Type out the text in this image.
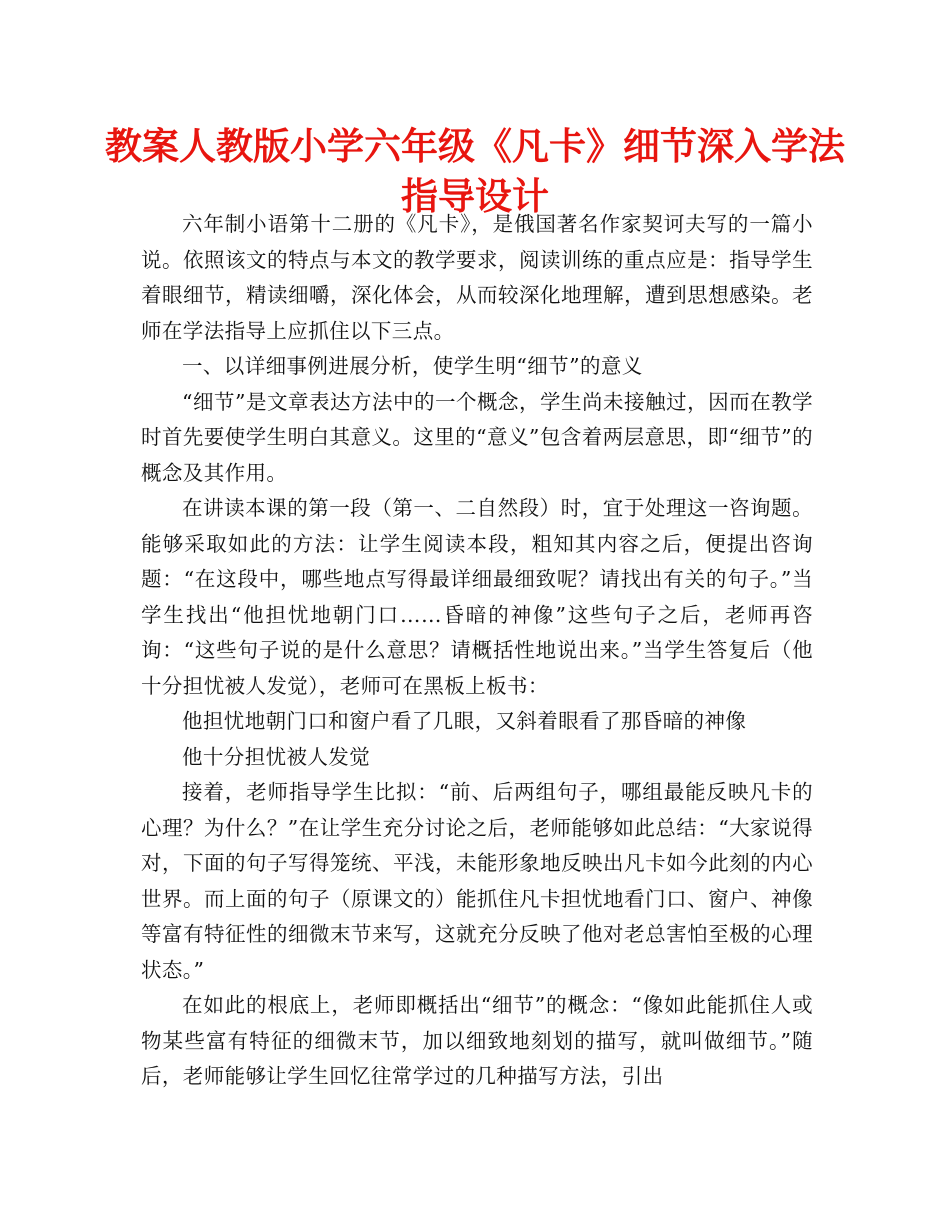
教案人教版小学六年级《凡卡》细节深入学法指导设计

六年制小语第十二册的《凡卡》，是俄国著名作家契诃夫写的一篇小说。依照该文的特点与本文的教学要求，阅读训练的重点应是：指导学生着眼细节，精读细嚼，深化体会，从而较深化地理解，遭到思想感染。老师在学法指导上应抓住以下三点。

一、以详细事例进展分析，使学生明“细节”的意义

“细节”是文章表达方法中的一个概念，学生尚未接触过，因而在教学时首先要使学生明白其意义。这里的“意义”包含着两层意思，即“细节”的概念及其作用。

在讲读本课的第一段（第一、二自然段）时，宜于处理这一咨询题。能够采取如此的方法：让学生阅读本段，粗知其内容之后，便提出咨询题：“在这段中，哪些地点写得最详细最细致呢？请找出有关的句子。”当学生找出“他担忧地朝门口……昏暗的神像”这些句子之后，老师再咨询：“这些句子说的是什么意思？请概括性地说出来。”当学生答复后（他十分担忧被人发觉），老师可在黑板上板书：

他担忧地朝门口和窗户看了几眼，又斜着眼看了那昏暗的神像

他十分担忧被人发觉

接着，老师指导学生比拟：“前、后两组句子，哪组最能反映凡卡的心理？为什么？”在让学生充分讨论之后，老师能够如此总结：“大家说得对，下面的句子写得笼统、平浅，未能形象地反映出凡卡如今此刻的内心世界。而上面的句子（原课文的）能抓住凡卡担忧地看门口、窗户、神像等富有特征性的细微末节来写，这就充分反映了他对老总害怕至极的心理状态。”

在如此的根底上，老师即概括出“细节”的概念：“像如此能抓住人或物某些富有特征的细微末节，加以细致地刻划的描写，就叫做细节。”随后，老师能够让学生回忆往常学过的几种描写方法，引出
